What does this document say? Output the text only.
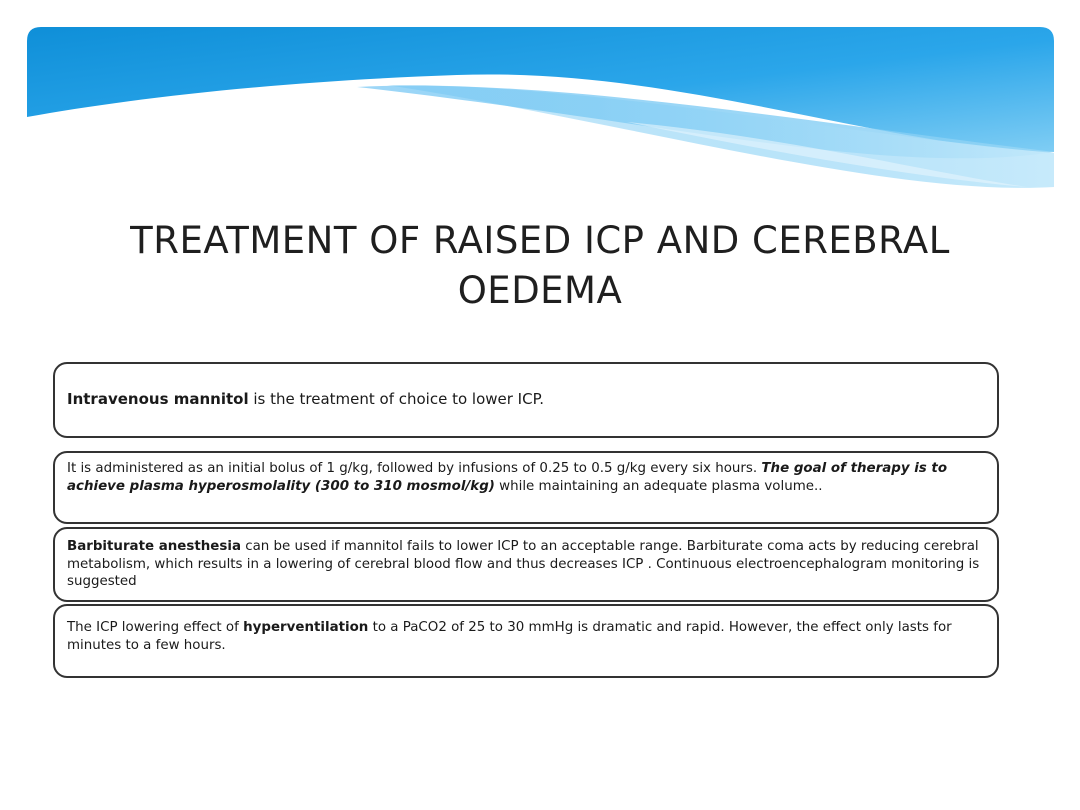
TREATMENT OF RAISED ICP AND CEREBRAL OEDEMA

Intravenous mannitol is the treatment of choice to lower ICP.

It is administered as an initial bolus of 1 g/kg, followed by infusions of 0.25 to 0.5 g/kg every six hours. The goal of therapy is to achieve plasma hyperosmolality (300 to 310 mosmol/kg) while maintaining an adequate plasma volume..

Barbiturate anesthesia can be used if mannitol fails to lower ICP to an acceptable range. Barbiturate coma acts by reducing cerebral metabolism, which results in a lowering of cerebral blood flow and thus decreases ICP . Continuous electroencephalogram monitoring is suggested

The ICP lowering effect of hyperventilation to a PaCO2 of 25 to 30 mmHg is dramatic and rapid. However, the effect only lasts for minutes to a few hours.
